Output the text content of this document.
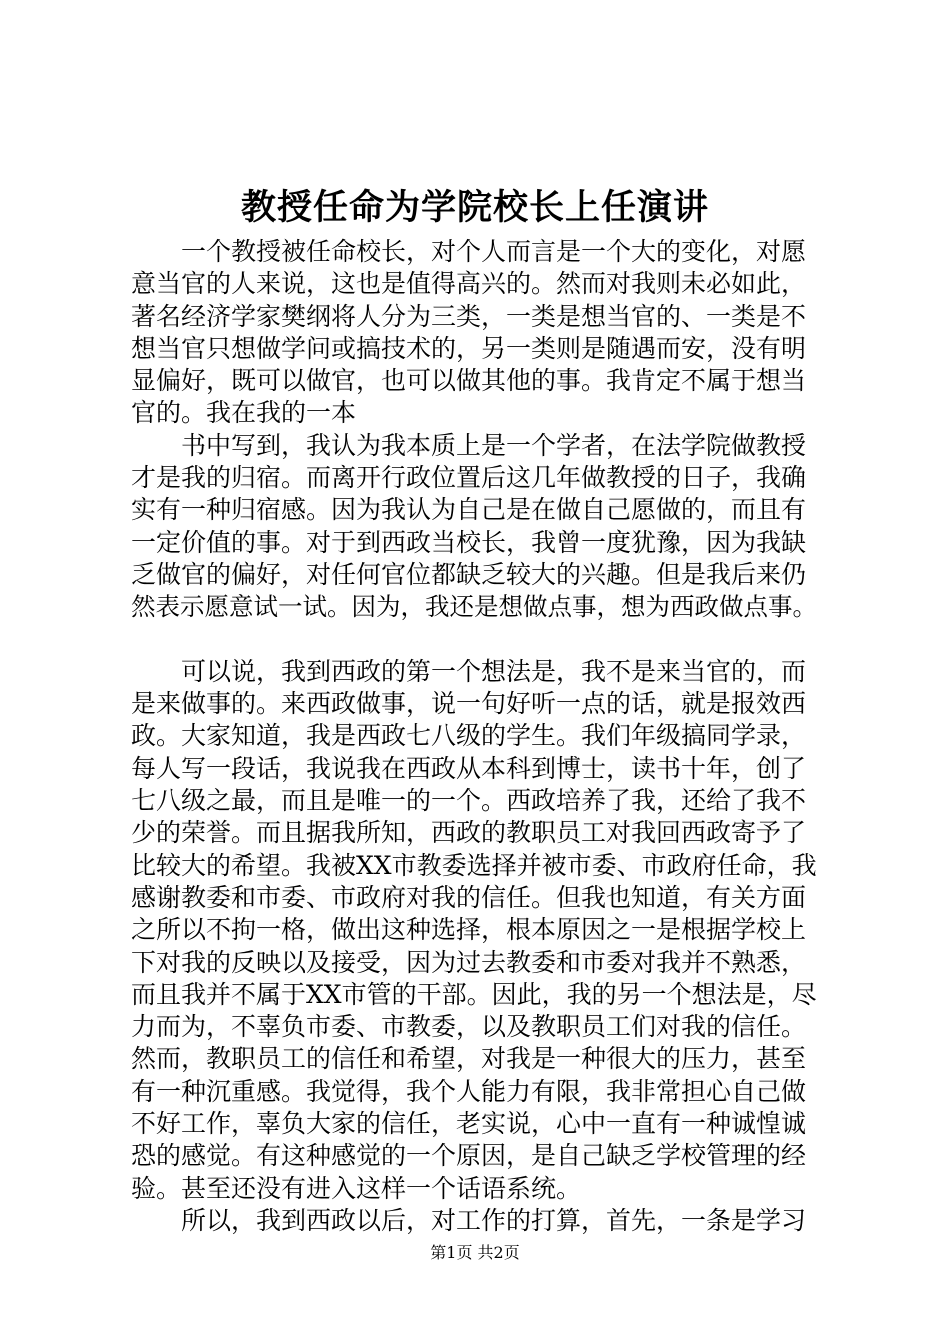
教授任命为学院校长上任演讲
一个教授被任命校长，对个人而言是一个大的变化，对愿
意当官的人来说，这也是值得高兴的。然而对我则未必如此，
著名经济学家樊纲将人分为三类，一类是想当官的、一类是不
想当官只想做学问或搞技术的，另一类则是随遇而安，没有明
显偏好，既可以做官，也可以做其他的事。我肯定不属于想当
官的。我在我的一本
书中写到，我认为我本质上是一个学者，在法学院做教授
才是我的归宿。而离开行政位置后这几年做教授的日子，我确
实有一种归宿感。因为我认为自己是在做自己愿做的，而且有
一定价值的事。对于到西政当校长，我曾一度犹豫，因为我缺
乏做官的偏好，对任何官位都缺乏较大的兴趣。但是我后来仍
然表示愿意试一试。因为，我还是想做点事，想为西政做点事。
可以说，我到西政的第一个想法是，我不是来当官的，而
是来做事的。来西政做事，说一句好听一点的话，就是报效西
政。大家知道，我是西政七八级的学生。我们年级搞同学录，
每人写一段话，我说我在西政从本科到博士，读书十年，创了
七八级之最，而且是唯一的一个。西政培养了我，还给了我不
少的荣誉。而且据我所知，西政的教职员工对我回西政寄予了
比较大的希望。我被XX市教委选择并被市委、市政府任命，我
感谢教委和市委、市政府对我的信任。但我也知道，有关方面
之所以不拘一格，做出这种选择，根本原因之一是根据学校上
下对我的反映以及接受，因为过去教委和市委对我并不熟悉，
而且我并不属于XX市管的干部。因此，我的另一个想法是，尽
力而为，不辜负市委、市教委，以及教职员工们对我的信任。
然而，教职员工的信任和希望，对我是一种很大的压力，甚至
有一种沉重感。我觉得，我个人能力有限，我非常担心自己做
不好工作，辜负大家的信任，老实说，心中一直有一种诚惶诚
恐的感觉。有这种感觉的一个原因，是自己缺乏学校管理的经
验。甚至还没有进入这样一个话语系统。
所以，我到西政以后，对工作的打算，首先，一条是学习
第1页 共2页
